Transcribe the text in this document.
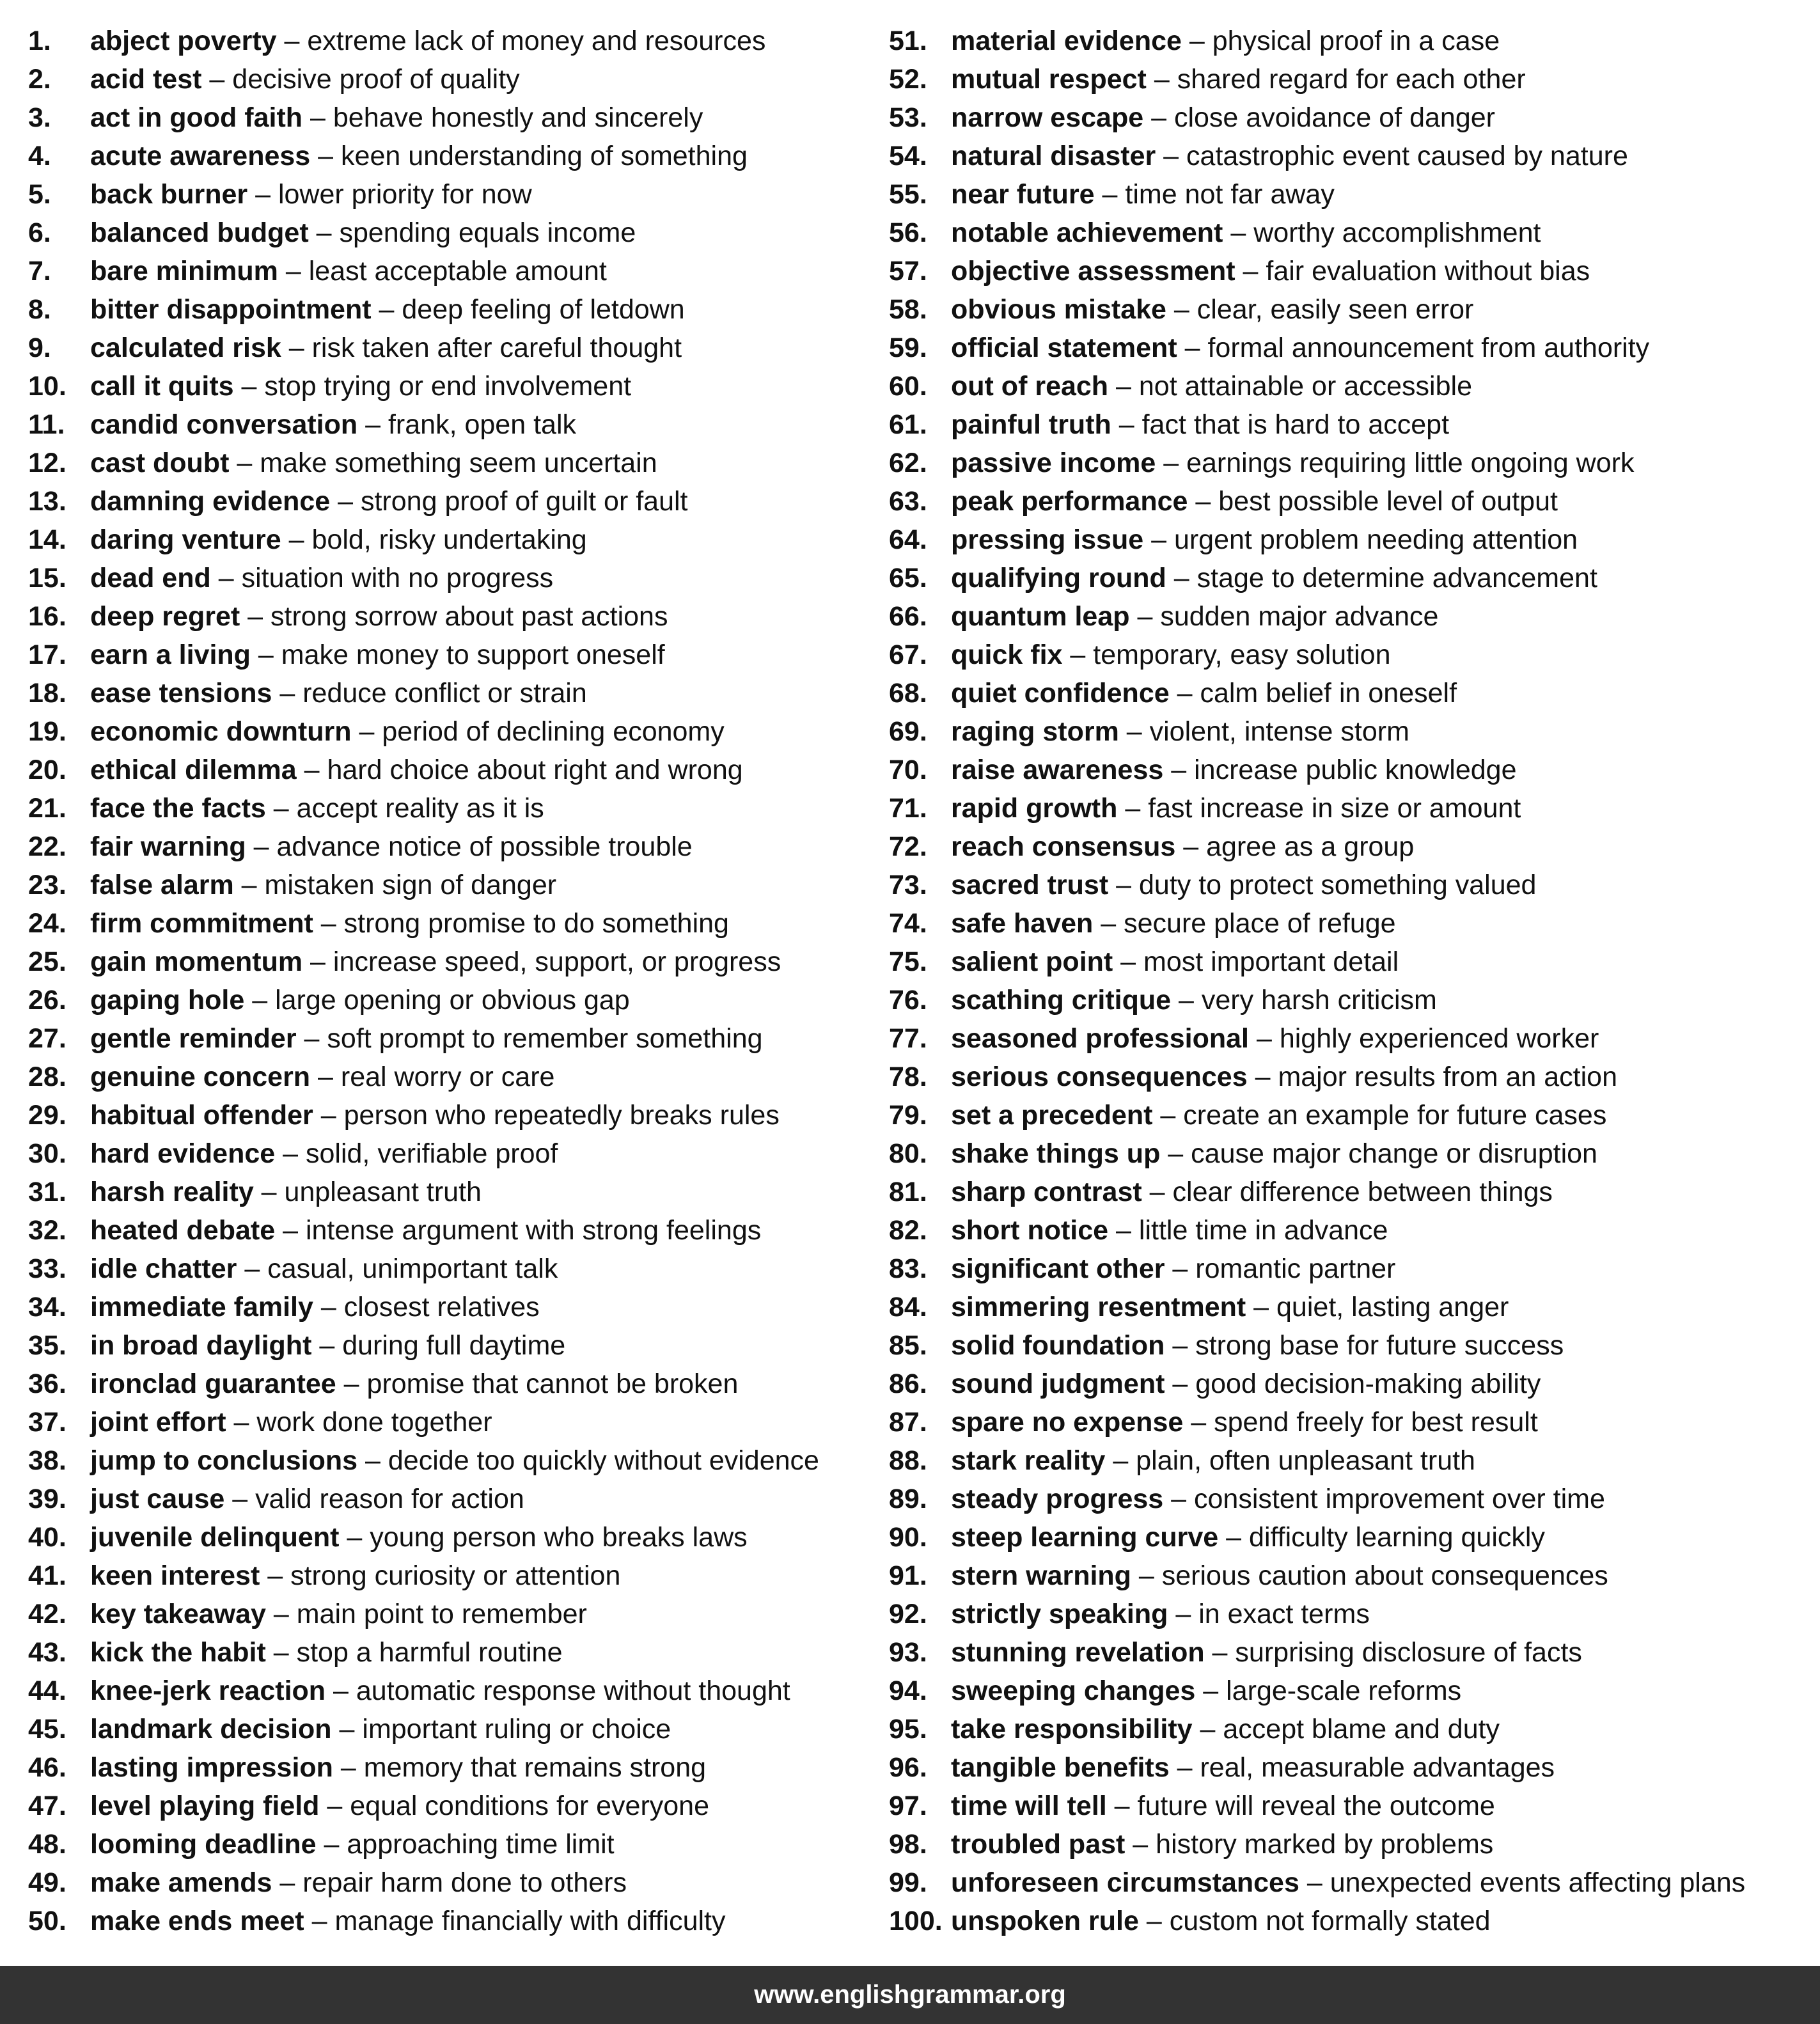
1.	abject poverty – extreme lack of money and resources
2.	acid test – decisive proof of quality
3.	act in good faith – behave honestly and sincerely
4.	acute awareness – keen understanding of something
5.	back burner – lower priority for now
6.	balanced budget – spending equals income
7.	bare minimum – least acceptable amount
8.	bitter disappointment – deep feeling of letdown
9.	calculated risk – risk taken after careful thought
10. call it quits – stop trying or end involvement
11. candid conversation – frank, open talk
12. cast doubt – make something seem uncertain
13. damning evidence – strong proof of guilt or fault
14. daring venture – bold, risky undertaking
15. dead end – situation with no progress
16. deep regret – strong sorrow about past actions
17. earn a living – make money to support oneself
18. ease tensions – reduce conflict or strain
19. economic downturn – period of declining economy
20. ethical dilemma – hard choice about right and wrong
21. face the facts – accept reality as it is
22. fair warning – advance notice of possible trouble
23. false alarm – mistaken sign of danger
24. firm commitment – strong promise to do something
25. gain momentum – increase speed, support, or progress
26. gaping hole – large opening or obvious gap
27. gentle reminder – soft prompt to remember something
28. genuine concern – real worry or care
29. habitual offender – person who repeatedly breaks rules
30. hard evidence – solid, verifiable proof
31. harsh reality – unpleasant truth
32. heated debate – intense argument with strong feelings
33. idle chatter – casual, unimportant talk
34. immediate family – closest relatives
35. in broad daylight – during full daytime
36. ironclad guarantee – promise that cannot be broken
37. joint effort – work done together
38. jump to conclusions – decide too quickly without evidence
39. just cause – valid reason for action
40. juvenile delinquent – young person who breaks laws
41. keen interest – strong curiosity or attention
42. key takeaway – main point to remember
43. kick the habit – stop a harmful routine
44. knee-jerk reaction – automatic response without thought
45. landmark decision – important ruling or choice
46. lasting impression – memory that remains strong
47. level playing field – equal conditions for everyone
48. looming deadline – approaching time limit
49. make amends – repair harm done to others
50. make ends meet – manage financially with difficulty
51. material evidence – physical proof in a case
52. mutual respect – shared regard for each other
53. narrow escape – close avoidance of danger
54. natural disaster – catastrophic event caused by nature
55. near future – time not far away
56. notable achievement – worthy accomplishment
57. objective assessment – fair evaluation without bias
58. obvious mistake – clear, easily seen error
59. official statement – formal announcement from authority
60. out of reach – not attainable or accessible
61. painful truth – fact that is hard to accept
62. passive income – earnings requiring little ongoing work
63. peak performance – best possible level of output
64. pressing issue – urgent problem needing attention
65. qualifying round – stage to determine advancement
66. quantum leap – sudden major advance
67. quick fix – temporary, easy solution
68. quiet confidence – calm belief in oneself
69. raging storm – violent, intense storm
70. raise awareness – increase public knowledge
71. rapid growth – fast increase in size or amount
72. reach consensus – agree as a group
73. sacred trust – duty to protect something valued
74. safe haven – secure place of refuge
75. salient point – most important detail
76. scathing critique – very harsh criticism
77. seasoned professional – highly experienced worker
78. serious consequences – major results from an action
79. set a precedent – create an example for future cases
80. shake things up – cause major change or disruption
81. sharp contrast – clear difference between things
82. short notice – little time in advance
83. significant other – romantic partner
84. simmering resentment – quiet, lasting anger
85. solid foundation – strong base for future success
86. sound judgment – good decision-making ability
87. spare no expense – spend freely for best result
88. stark reality – plain, often unpleasant truth
89. steady progress – consistent improvement over time
90. steep learning curve – difficulty learning quickly
91. stern warning – serious caution about consequences
92. strictly speaking – in exact terms
93. stunning revelation – surprising disclosure of facts
94. sweeping changes – large-scale reforms
95. take responsibility – accept blame and duty
96. tangible benefits – real, measurable advantages
97. time will tell – future will reveal the outcome
98. troubled past – history marked by problems
99. unforeseen circumstances – unexpected events affecting plans
100. unspoken rule – custom not formally stated
www.englishgrammar.org
